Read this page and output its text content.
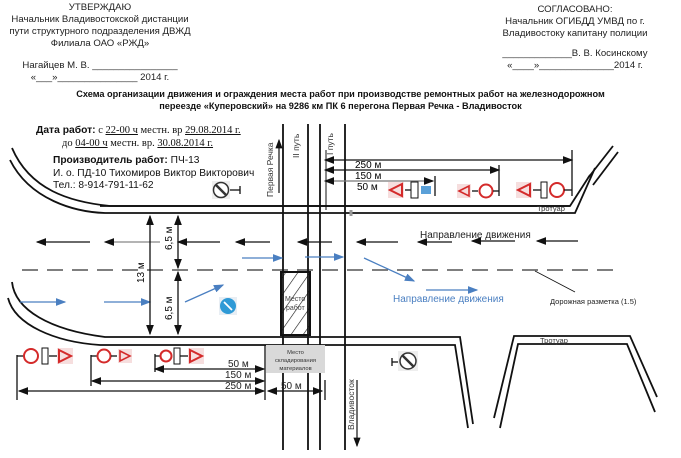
УТВЕРЖДАЮ
Начальник Владивостокской дистанции
пути структурного подразделения ДВЖД
Филиала ОАО «РЖД»
Нагайцев М. В. ________________
«___»_______________ 2014 г.
СОГЛАСОВАНО:
Начальник ОГИБДД УМВД по г.
Владивостоку капитану полиции
_____________В. В. Косинскому
«____»______________2014 г.
Схема организации движения и ограждения места работ при производстве ремонтных работ на железнодорожном
переезде «Куперовский» на 9286 км ПК 6 перегона Первая Речка - Владивосток
Первая Речка II путь	I путь
Владивосток
250 м
150 м
50 м
Тротуар
Направление движения
Направление движения	Дорожная разметка (1.5)
13 м
6,5 м
6,5 м	Место
работ
Место
складирования
материалов
50 м
150 м
250 м	50 м
Тротуар
Дата работ: с 22-00 ч местн. вр 29.08.2014 г.
до 04-00 ч местн. вр. 30.08.2014 г.
Производитель работ: ПЧ-13
И. о. ПД-10 Тихомиров Виктор Викторович
Тел.: 8-914-791-11-62
